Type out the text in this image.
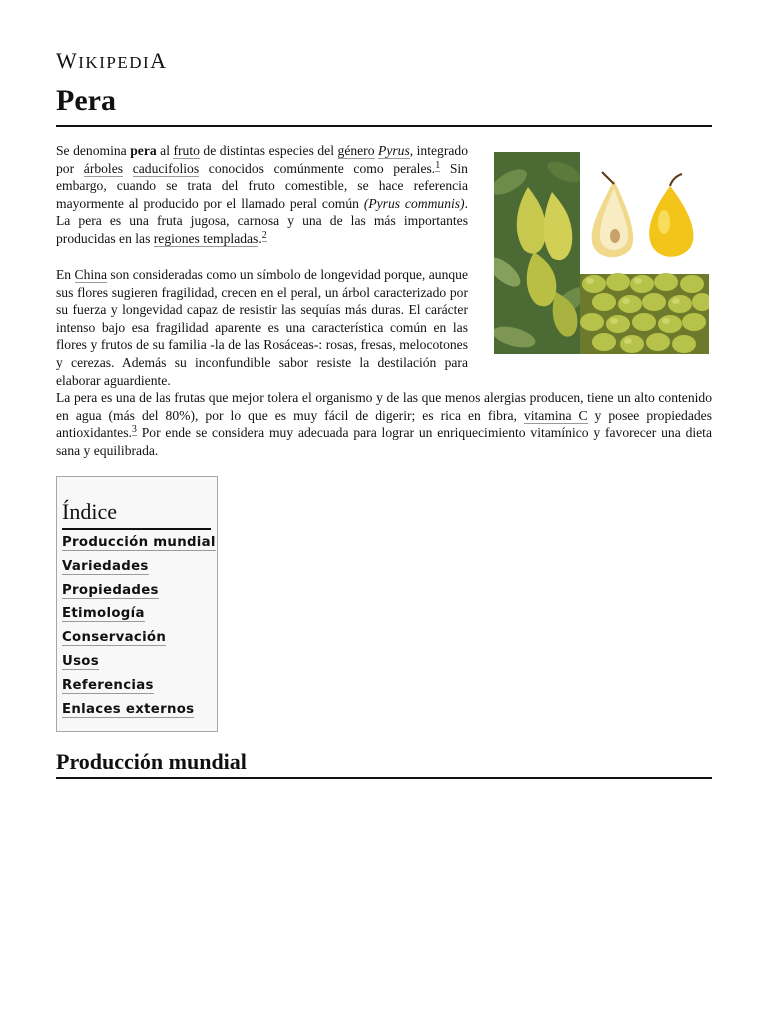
WIKIPEDIA
Pera

Se denomina pera al fruto de distintas especies del género Pyrus, integrado por árboles caducifolios conocidos comúnmente como perales.$^1$ Sin embargo, cuando se trata del fruto comestible, se hace referencia mayormente al producido por el llamado peral común (Pyrus communis). La pera es una fruta jugosa, carnosa y una de las más importantes producidas en las regiones templadas.$^2$

En China son consideradas como un símbolo de longevidad porque, aunque sus flores sugieren fragilidad, crecen en el peral, un árbol caracterizado por su fuerza y longevidad capaz de resistir las sequías más duras. El carácter intenso bajo esa fragilidad aparente es una característica común en las flores y frutos de su familia -la de las Rosáceas-: rosas, fresas, melocotones y cerezas. Además su inconfundible sabor resiste la destilación para elaborar aguardiente.

La pera es una de las frutas que mejor tolera el organismo y de las que menos alergias producen, tiene un alto contenido en agua (más del 80%), por lo que es muy fácil de digerir; es rica en fibra, vitamina C y posee propiedades antioxidantes.$^3$ Por ende se considera muy adecuada para lograr un enriquecimiento vitamínico y favorecer una dieta sana y equilibrada.

Índice
Producción mundial
Variedades
Propiedades
Etimología
Conservación
Usos
Referencias
Enlaces externos
Producción mundial
